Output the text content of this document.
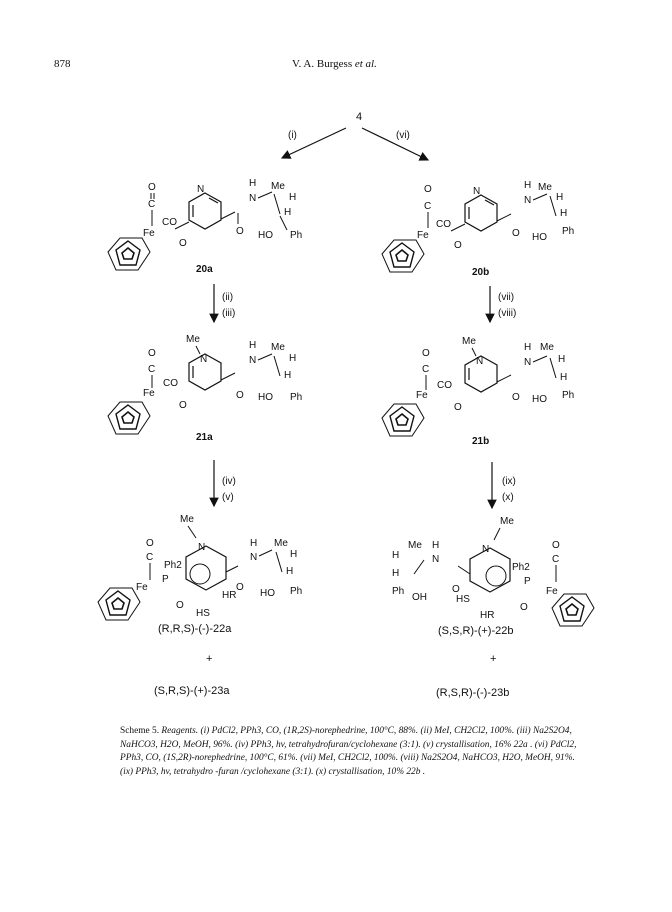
878	V. A. Burgess et al.
4
(i)	(vi)
O
C
Fe
CO
N
O
O
N
H Me
H
H
HO Ph
20a
O
C
Fe
CO
N
O
O
N
H Me
H
H
HO
Ph
20b
(ii)
(iii)
(vii)
(viii)
Me
O
C
Fe
CO
N
O
O
N
H Me
H
H
HO Ph
21a
Me
O
C
Fe
CO
N
O
O
N
H Me
H
H
HO Ph
21b
(iv)
(v)
(ix)
(x)
Me
O
C
Ph2
P
Fe
N
O
HS
HR
O
N
H Me
H
H
HO Ph
Me
O
C
Ph2
P
Fe
N
O
HS
HR
O
N
H
Me
H
H
Ph
OH
(R,R,S)-(-)-22a
+
(S,R,S)-(+)-23a
(S,S,R)-(+)-22b
+
(R,S,R)-(-)-23b
Scheme 5. Reagents. (i) PdCl2, PPh3, CO, (1R,2S)-norephedrine, 100°C, 88%. (ii) MeI, CH2Cl2, 100%. (iii) Na2S2O4, NaHCO3, H2O, MeOH, 96%. (iv) PPh3, hv, tetrahydrofuran/cyclohexane (3:1). (v) crystallisation, 16% 22a . (vi) PdCl2, PPh3, CO, (1S,2R)-norephedrine, 100°C, 61%. (vii) MeI, CH2Cl2, 100%. (viii) Na2S2O4, NaHCO3, H2O, MeOH, 91%. (ix) PPh3, hv, tetrahydro -furan /cyclohexane (3:1). (x) crystallisation, 10% 22b .
